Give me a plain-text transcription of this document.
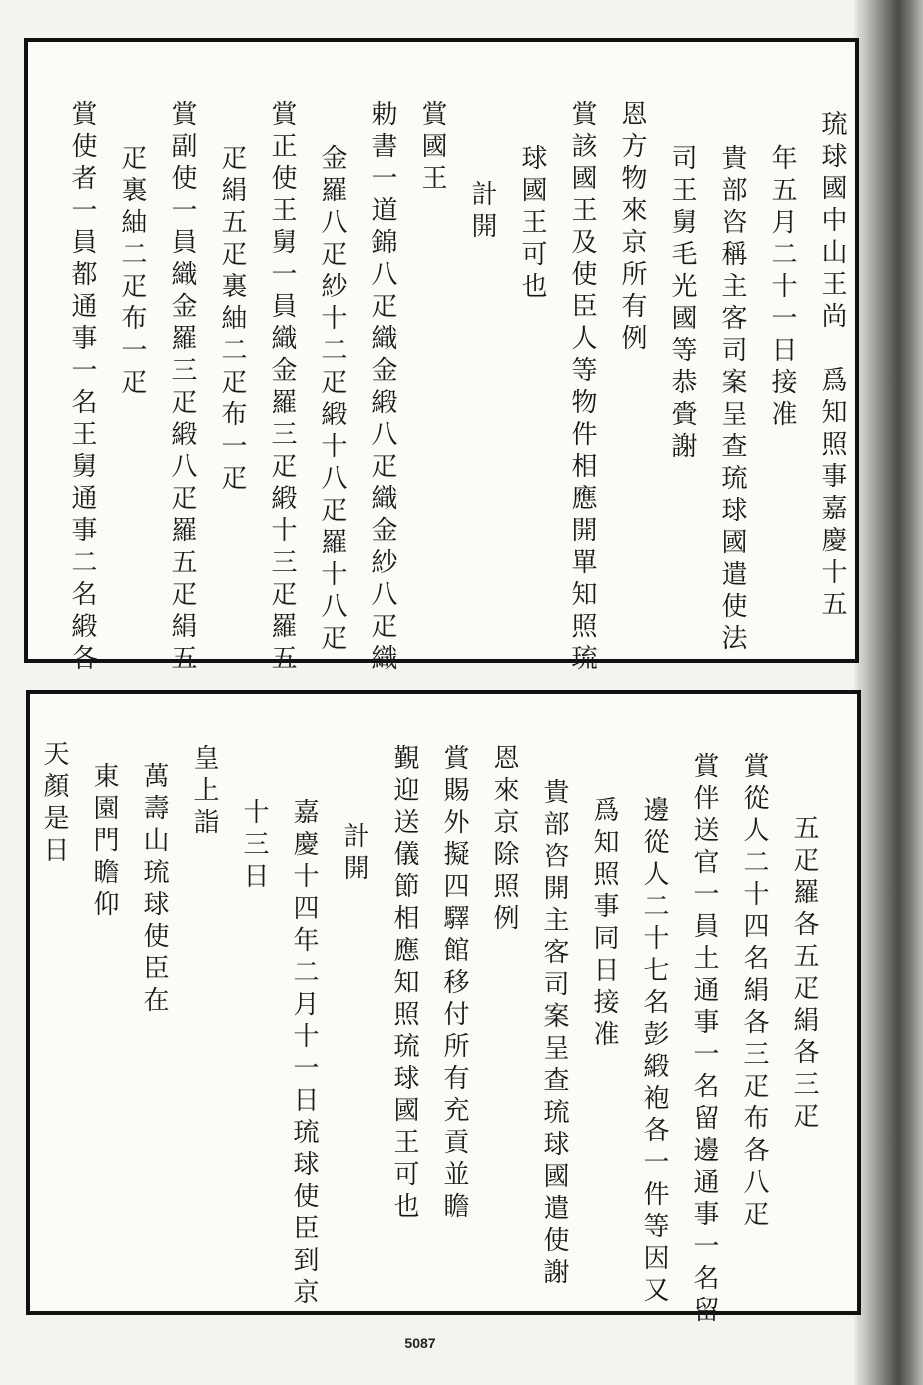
琉球國中山王尚　爲知照事嘉慶十五
年五月二十一日接准
貴部咨稱主客司案呈查琉球國遣使法
司王舅毛光國等恭賫謝
恩方物來京所有例
賞該國王及使臣人等物件相應開單知照琉
球國王可也
計開
賞國王
勅書一道錦八疋織金緞八疋織金紗八疋織
金羅八疋紗十二疋緞十八疋羅十八疋
賞正使王舅一員織金羅三疋緞十三疋羅五
疋絹五疋裏紬二疋布一疋
賞副使一員織金羅三疋緞八疋羅五疋絹五
疋裏紬二疋布一疋
賞使者一員都通事一名王舅通事二名緞各
五疋羅各五疋絹各三疋
賞從人二十四名絹各三疋布各八疋
賞伴送官一員土通事一名留邊通事一名留
邊從人二十七名彭緞袍各一件等因又
爲知照事同日接准
貴部咨開主客司案呈查琉球國遣使謝
恩來京除照例
賞賜外擬四驛館移付所有充貢並瞻
覲迎送儀節相應知照琉球國王可也
計開
嘉慶十四年二月十一日琉球使臣到京
十三日
皇上詣
萬壽山琉球使臣在
東園門瞻仰
天顏是日
5087
